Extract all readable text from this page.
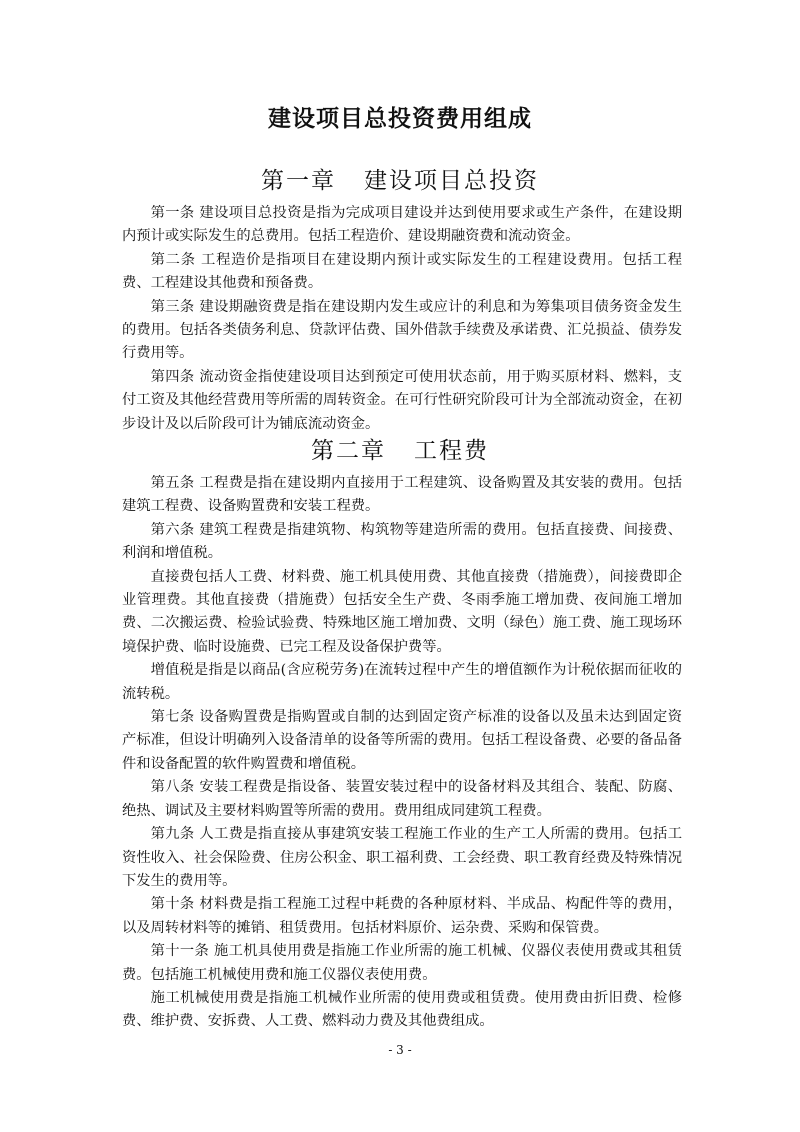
建设项目总投资费用组成
第一章 建设项目总投资

第一条 建设项目总投资是指为完成项目建设并达到使用要求或生产条件，在建设期内预计或实际发生的总费用。包括工程造价、建设期融资费和流动资金。

第二条 工程造价是指项目在建设期内预计或实际发生的工程建设费用。包括工程费、工程建设其他费和预备费。

第三条 建设期融资费是指在建设期内发生或应计的利息和为筹集项目债务资金发生的费用。包括各类债务利息、贷款评估费、国外借款手续费及承诺费、汇兑损益、债券发行费用等。

第四条 流动资金指使建设项目达到预定可使用状态前，用于购买原材料、燃料，支付工资及其他经营费用等所需的周转资金。在可行性研究阶段可计为全部流动资金，在初步设计及以后阶段可计为铺底流动资金。

第二章 工程费

第五条 工程费是指在建设期内直接用于工程建筑、设备购置及其安装的费用。包括建筑工程费、设备购置费和安装工程费。

第六条 建筑工程费是指建筑物、构筑物等建造所需的费用。包括直接费、间接费、利润和增值税。

直接费包括人工费、材料费、施工机具使用费、其他直接费（措施费），间接费即企业管理费。其他直接费（措施费）包括安全生产费、冬雨季施工增加费、夜间施工增加费、二次搬运费、检验试验费、特殊地区施工增加费、文明（绿色）施工费、施工现场环境保护费、临时设施费、已完工程及设备保护费等。

增值税是指是以商品(含应税劳务)在流转过程中产生的增值额作为计税依据而征收的流转税。

第七条 设备购置费是指购置或自制的达到固定资产标准的设备以及虽未达到固定资产标准，但设计明确列入设备清单的设备等所需的费用。包括工程设备费、必要的备品备件和设备配置的软件购置费和增值税。

第八条 安装工程费是指设备、装置安装过程中的设备材料及其组合、装配、防腐、绝热、调试及主要材料购置等所需的费用。费用组成同建筑工程费。

第九条 人工费是指直接从事建筑安装工程施工作业的生产工人所需的费用。包括工资性收入、社会保险费、住房公积金、职工福利费、工会经费、职工教育经费及特殊情况下发生的费用等。

第十条 材料费是指工程施工过程中耗费的各种原材料、半成品、构配件等的费用，以及周转材料等的摊销、租赁费用。包括材料原价、运杂费、采购和保管费。

第十一条 施工机具使用费是指施工作业所需的施工机械、仪器仪表使用费或其租赁费。包括施工机械使用费和施工仪器仪表使用费。

施工机械使用费是指施工机械作业所需的使用费或租赁费。使用费由折旧费、检修费、维护费、安拆费、人工费、燃料动力费及其他费组成。

- 3 -
